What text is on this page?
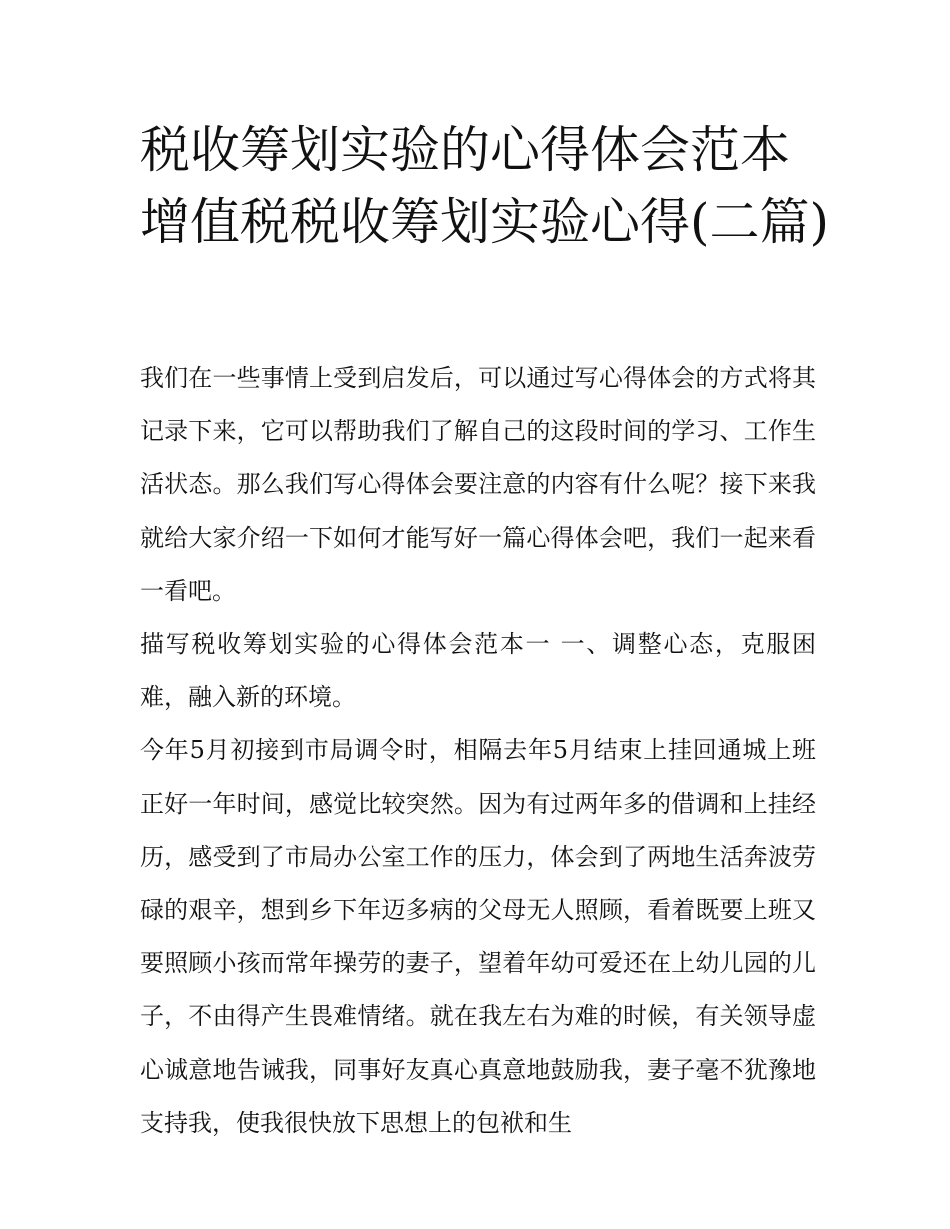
税收筹划实验的心得体会范本增值税税收筹划实验心得(二篇)

我们在一些事情上受到启发后，可以通过写心得体会的方式将其记录下来，它可以帮助我们了解自己的这段时间的学习、工作生活状态。那么我们写心得体会要注意的内容有什么呢？接下来我就给大家介绍一下如何才能写好一篇心得体会吧，我们一起来看一看吧。

描写税收筹划实验的心得体会范本一 一、调整心态，克服困难，融入新的环境。

今年5月初接到市局调令时，相隔去年5月结束上挂回通城上班正好一年时间，感觉比较突然。因为有过两年多的借调和上挂经历，感受到了市局办公室工作的压力，体会到了两地生活奔波劳碌的艰辛，想到乡下年迈多病的父母无人照顾，看着既要上班又要照顾小孩而常年操劳的妻子，望着年幼可爱还在上幼儿园的儿子，不由得产生畏难情绪。就在我左右为难的时候，有关领导虚心诚意地告诫我，同事好友真心真意地鼓励我，妻子毫不犹豫地支持我，使我很快放下思想上的包袱和生
